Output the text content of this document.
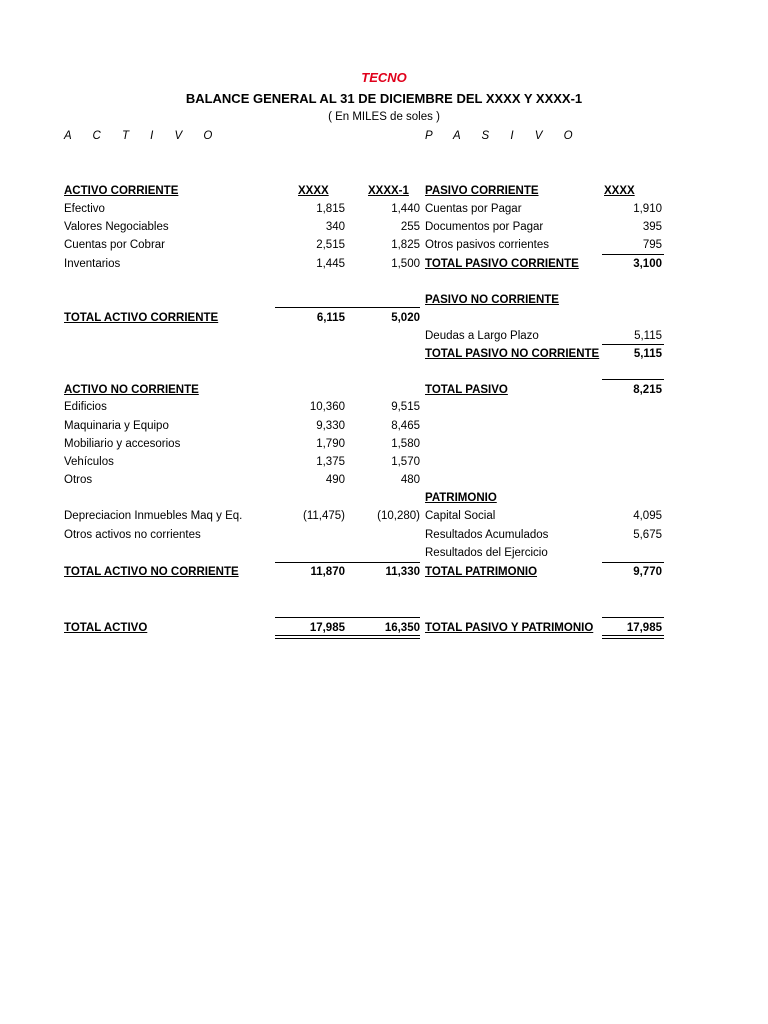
TECNO
BALANCE GENERAL AL 31 DE DICIEMBRE DEL XXXX Y XXXX-1
( En MILES de soles )
A C T I V O	P A S I V O
ACTIVO CORRIENTE	XXXX	XXXX-1
Efectivo	1,815	1,440
Valores Negociables	340	255
Cuentas por Cobrar	2,515	1,825
Inventarios	1,445	1,500
TOTAL ACTIVO CORRIENTE	6,115	5,020
ACTIVO NO CORRIENTE
Edificios	10,360	9,515
Maquinaria y Equipo	9,330	8,465
Mobiliario y accesorios	1,790	1,580
Vehículos	1,375	1,570
Otros	490	480
Depreciacion Inmuebles Maq y Eq.	(11,475)	(10,280)
Otros activos no corrientes
TOTAL ACTIVO NO CORRIENTE	11,870	11,330
TOTAL ACTIVO	17,985	16,350
PASIVO CORRIENTE	XXXX
Cuentas por Pagar	1,910
Documentos por Pagar	395
Otros pasivos corrientes	795
TOTAL PASIVO CORRIENTE	3,100
PASIVO NO CORRIENTE
Deudas a Largo Plazo	5,115
TOTAL PASIVO NO CORRIENTE	5,115
TOTAL PASIVO	8,215
PATRIMONIO
Capital Social	4,095
Resultados Acumulados	5,675
Resultados del Ejercicio
TOTAL PATRIMONIO	9,770
TOTAL PASIVO Y PATRIMONIO	17,985
